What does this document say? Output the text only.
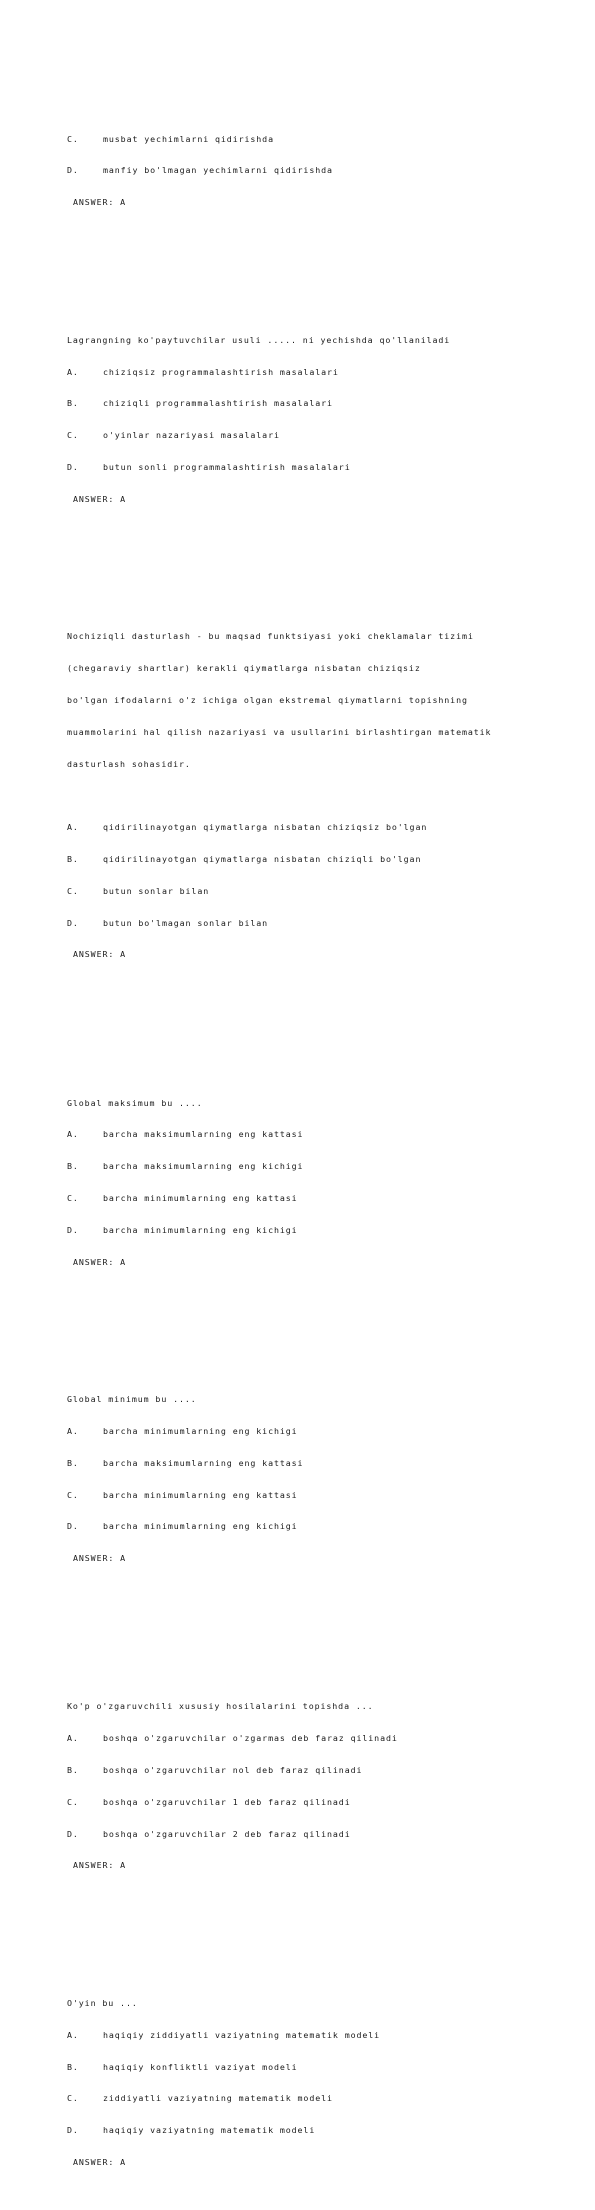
C.	musbat yechimlarni qidirishda

D.	manfiy bo'lmagan yechimlarni qidirishda

ANSWER: A

Lagrangning ko'paytuvchilar usuli ..... ni yechishda qo'llaniladi

A.	chiziqsiz programmalashtirish masalalari

B.	chiziqli programmalashtirish masalalari

C.	o'yinlar nazariyasi masalalari

D.	butun sonli programmalashtirish masalalari

ANSWER: A

Nochiziqli dasturlash - bu maqsad funktsiyasi yoki cheklamalar tizimi

(chegaraviy shartlar) kerakli qiymatlarga nisbatan chiziqsiz

bo'lgan ifodalarni o'z ichiga olgan ekstremal qiymatlarni topishning

muammolarini hal qilish nazariyasi va usullarini birlashtirgan matematik

dasturlash sohasidir.

A.	qidirilinayotgan qiymatlarga nisbatan chiziqsiz bo'lgan

B.	qidirilinayotgan qiymatlarga nisbatan chiziqli bo'lgan

C.	butun sonlar bilan

D.	butun bo'lmagan sonlar bilan

ANSWER: A

Global maksimum bu ....

A.	barcha maksimumlarning eng kattasi

B.	barcha maksimumlarning eng kichigi

C.	barcha minimumlarning eng kattasi

D.	barcha minimumlarning eng kichigi

ANSWER: A

Global minimum bu ....

A.	barcha minimumlarning eng kichigi

B.	barcha maksimumlarning eng kattasi

C.	barcha minimumlarning eng kattasi

D.	barcha minimumlarning eng kichigi

ANSWER: A

Ko'p o'zgaruvchili xususiy hosilalarini topishda ...

A.	boshqa o'zgaruvchilar o'zgarmas deb faraz qilinadi

B.	boshqa o'zgaruvchilar nol deb faraz qilinadi

C.	boshqa o'zgaruvchilar 1 deb faraz qilinadi

D.	boshqa o'zgaruvchilar 2 deb faraz qilinadi

ANSWER: A

O'yin bu ...

A.	haqiqiy ziddiyatli vaziyatning matematik modeli

B.	haqiqiy konfliktli vaziyat modeli

C.	ziddiyatli vaziyatning matematik modeli

D.	haqiqiy vaziyatning matematik modeli

ANSWER: A
